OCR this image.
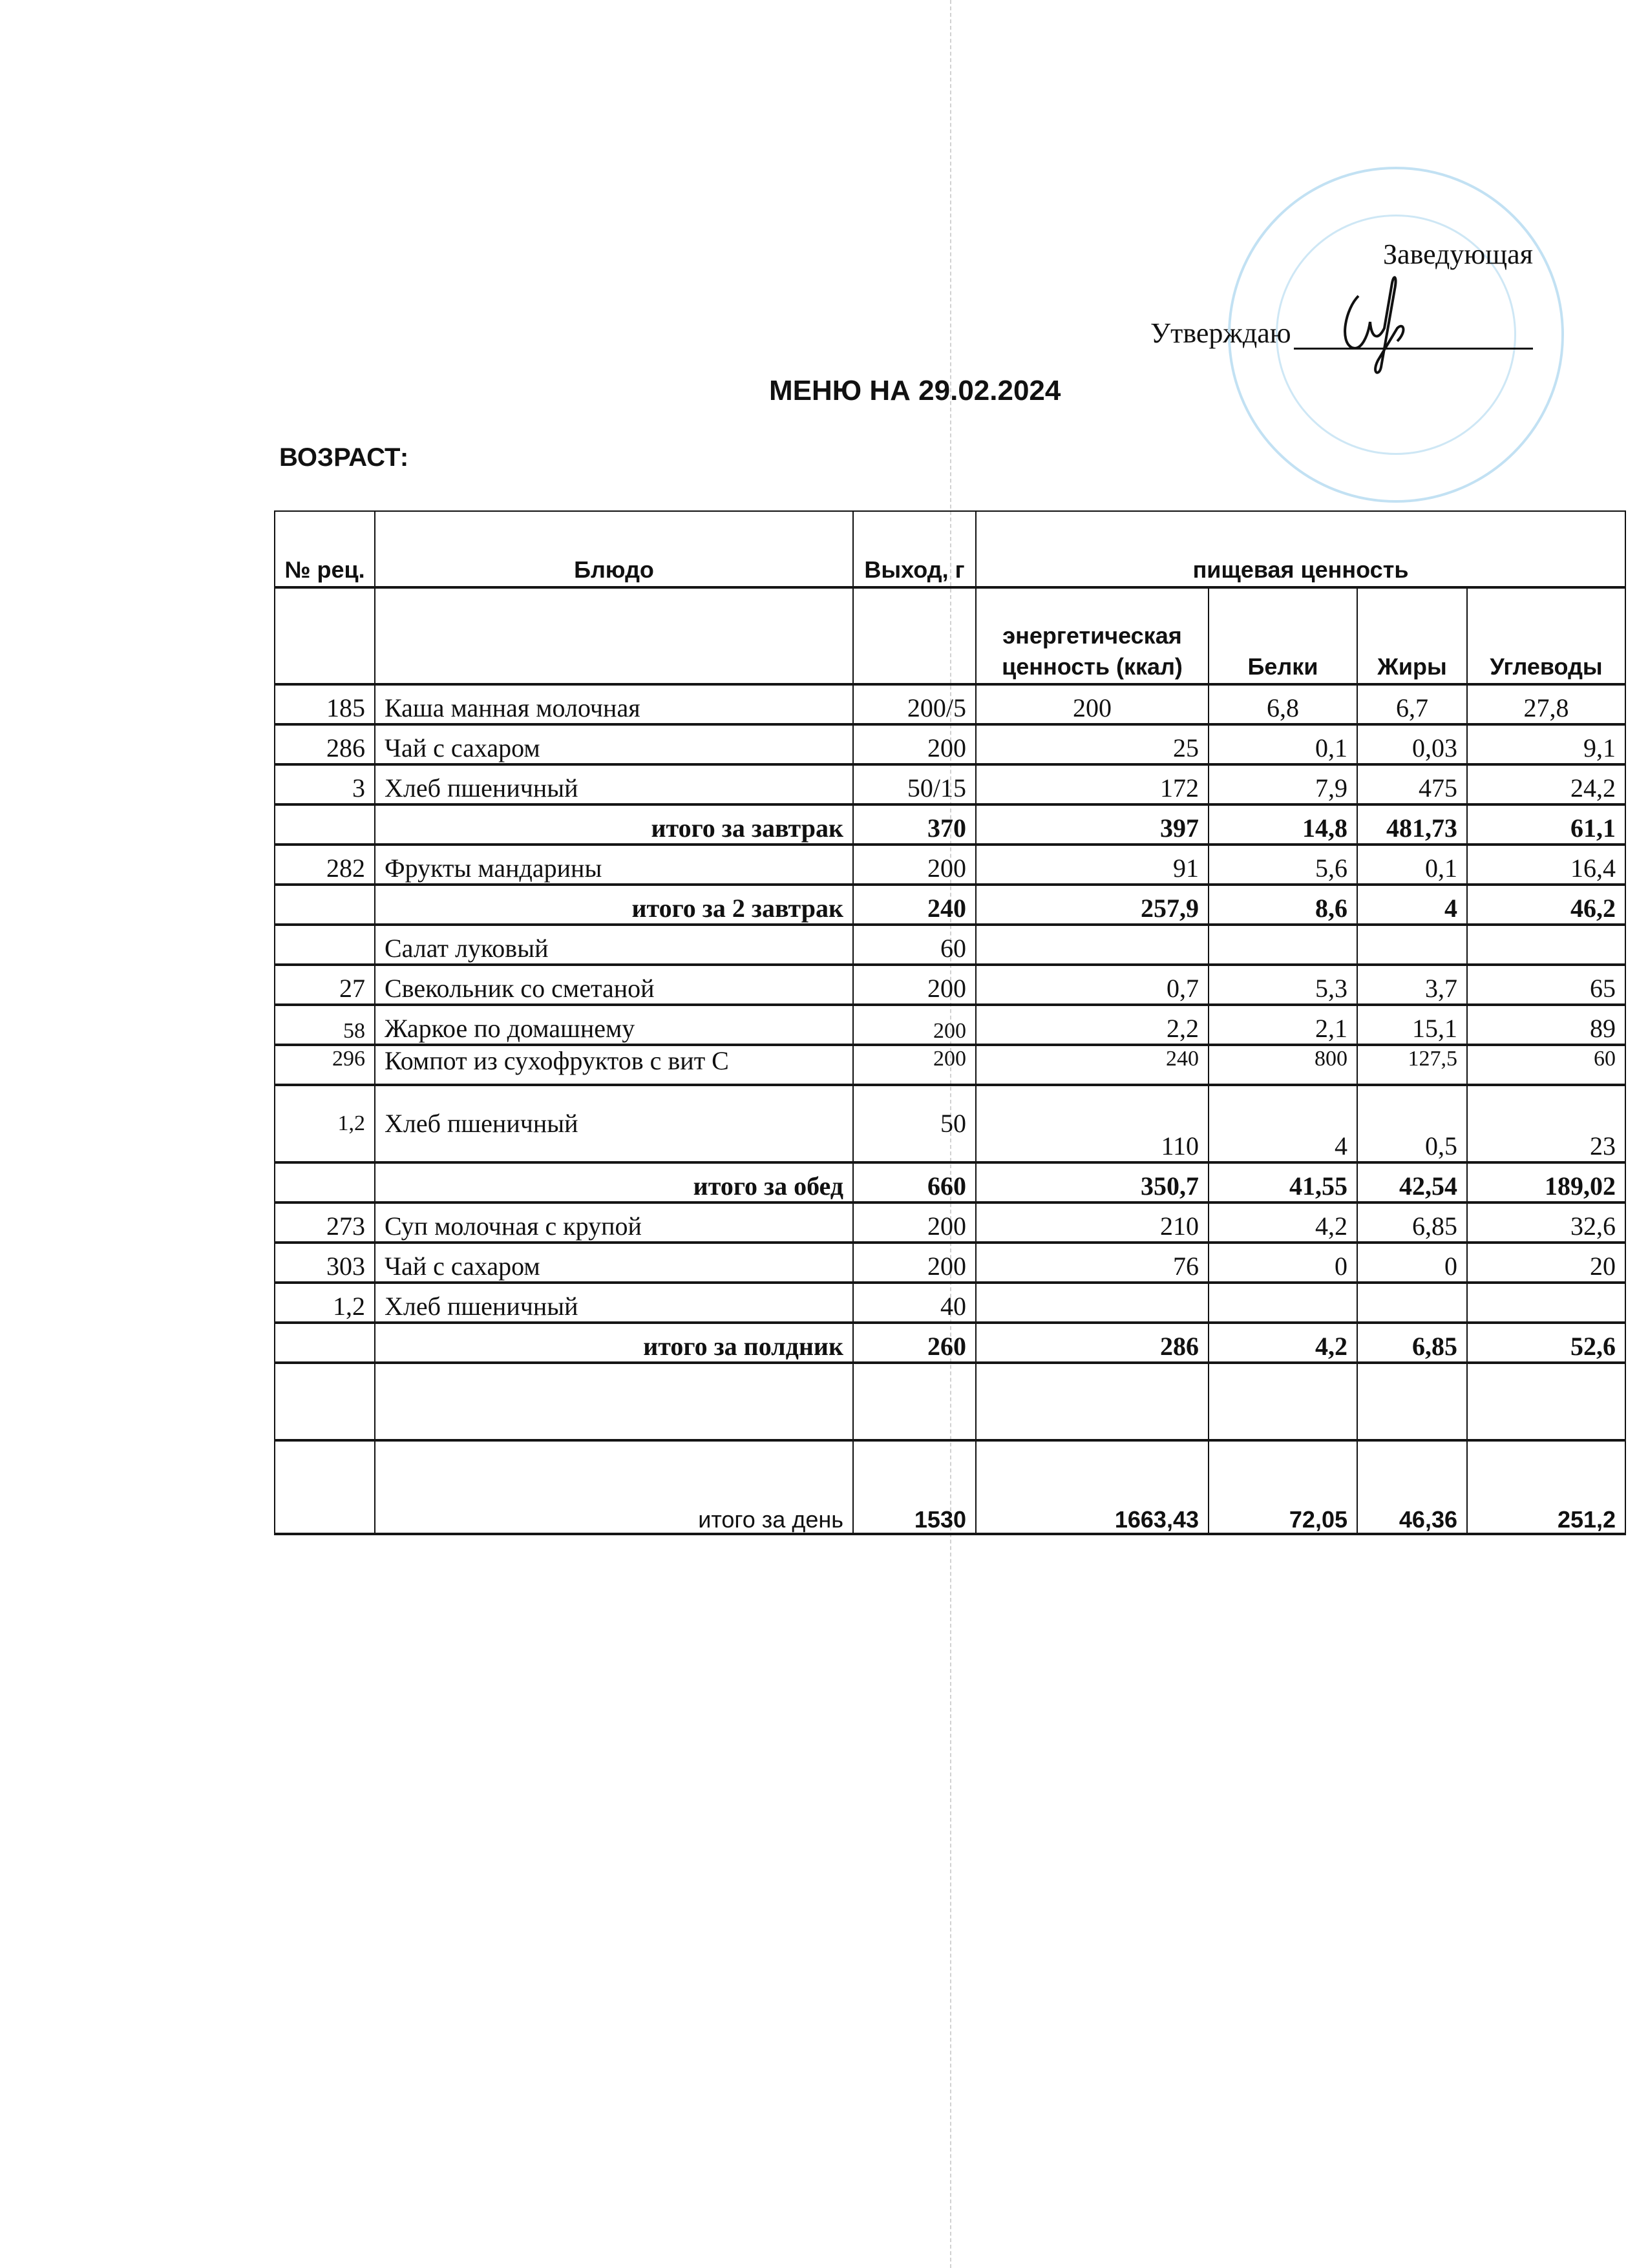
Заведующая
Утверждаю
МЕНЮ НА 29.02.2024
ВОЗРАСТ:
№ рец.	Блюдо	Выход, г	пищевая ценность			
			энергетическая ценность (ккал)	Белки	Жиры	Углеводы
185	Каша манная молочная	200/5	200	6,8	6,7	27,8
286	Чай с сахаром	200	25	0,1	0,03	9,1
3	Хлеб пшеничный	50/15	172	7,9	475	24,2
	итого за завтрак	370	397	14,8	481,73	61,1
282	Фрукты мандарины	200	91	5,6	0,1	16,4
	итого за 2 завтрак	240	257,9	8,6	4	46,2
	Салат луковый	60				
27	Свекольник со сметаной	200	0,7	5,3	3,7	65
58	Жаркое по домашнему	200	2,2	2,1	15,1	89
296	Компот из сухофруктов с вит С	200	240	800	127,5	60
1,2	Хлеб пшеничный	50	110	4	0,5	23
	итого за обед	660	350,7	41,55	42,54	189,02
273	Суп молочная с крупой	200	210	4,2	6,85	32,6
303	Чай с сахаром	200	76	0	0	20
1,2	Хлеб пшеничный	40				
	итого за полдник	260	286	4,2	6,85	52,6

	итого за день	1530	1663,43	72,05	46,36	251,2
